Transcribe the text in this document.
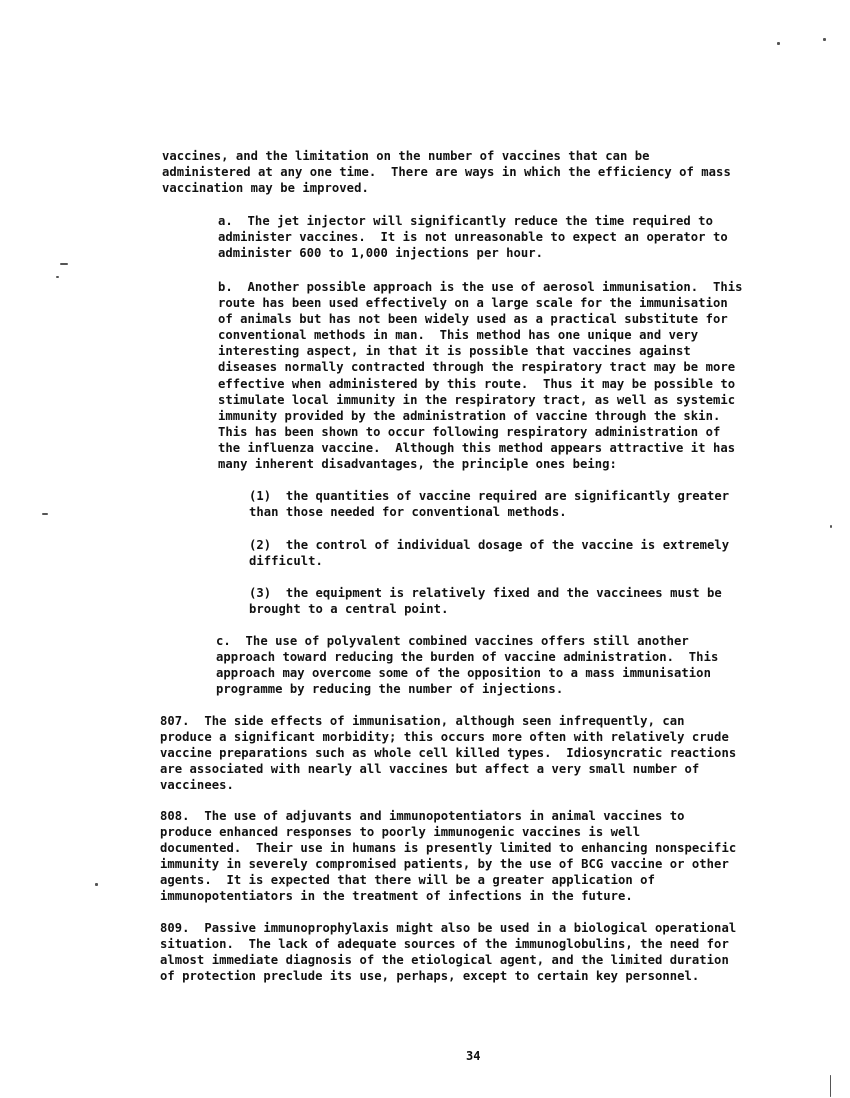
vaccines, and the limitation on the number of vaccines that can be
administered at any one time.  There are ways in which the efficiency of mass
vaccination may be improved.
a.  The jet injector will significantly reduce the time required to
administer vaccines.  It is not unreasonable to expect an operator to
administer 600 to 1,000 injections per hour.
b.  Another possible approach is the use of aerosol immunisation.  This
route has been used effectively on a large scale for the immunisation
of animals but has not been widely used as a practical substitute for
conventional methods in man.  This method has one unique and very
interesting aspect, in that it is possible that vaccines against
diseases normally contracted through the respiratory tract may be more
effective when administered by this route.  Thus it may be possible to
stimulate local immunity in the respiratory tract, as well as systemic
immunity provided by the administration of vaccine through the skin.
This has been shown to occur following respiratory administration of
the influenza vaccine.  Although this method appears attractive it has
many inherent disadvantages, the principle ones being:
(1)  the quantities of vaccine required are significantly greater
than those needed for conventional methods.
(2)  the control of individual dosage of the vaccine is extremely
difficult.
(3)  the equipment is relatively fixed and the vaccinees must be
brought to a central point.
c.  The use of polyvalent combined vaccines offers still another
approach toward reducing the burden of vaccine administration.  This
approach may overcome some of the opposition to a mass immunisation
programme by reducing the number of injections.
807.  The side effects of immunisation, although seen infrequently, can
produce a significant morbidity; this occurs more often with relatively crude
vaccine preparations such as whole cell killed types.  Idiosyncratic reactions
are associated with nearly all vaccines but affect a very small number of
vaccinees.
808.  The use of adjuvants and immunopotentiators in animal vaccines to
produce enhanced responses to poorly immunogenic vaccines is well
documented.  Their use in humans is presently limited to enhancing nonspecific
immunity in severely compromised patients, by the use of BCG vaccine or other
agents.  It is expected that there will be a greater application of
immunopotentiators in the treatment of infections in the future.
809.  Passive immunoprophylaxis might also be used in a biological operational
situation.  The lack of adequate sources of the immunoglobulins, the need for
almost immediate diagnosis of the etiological agent, and the limited duration
of protection preclude its use, perhaps, except to certain key personnel.
34
